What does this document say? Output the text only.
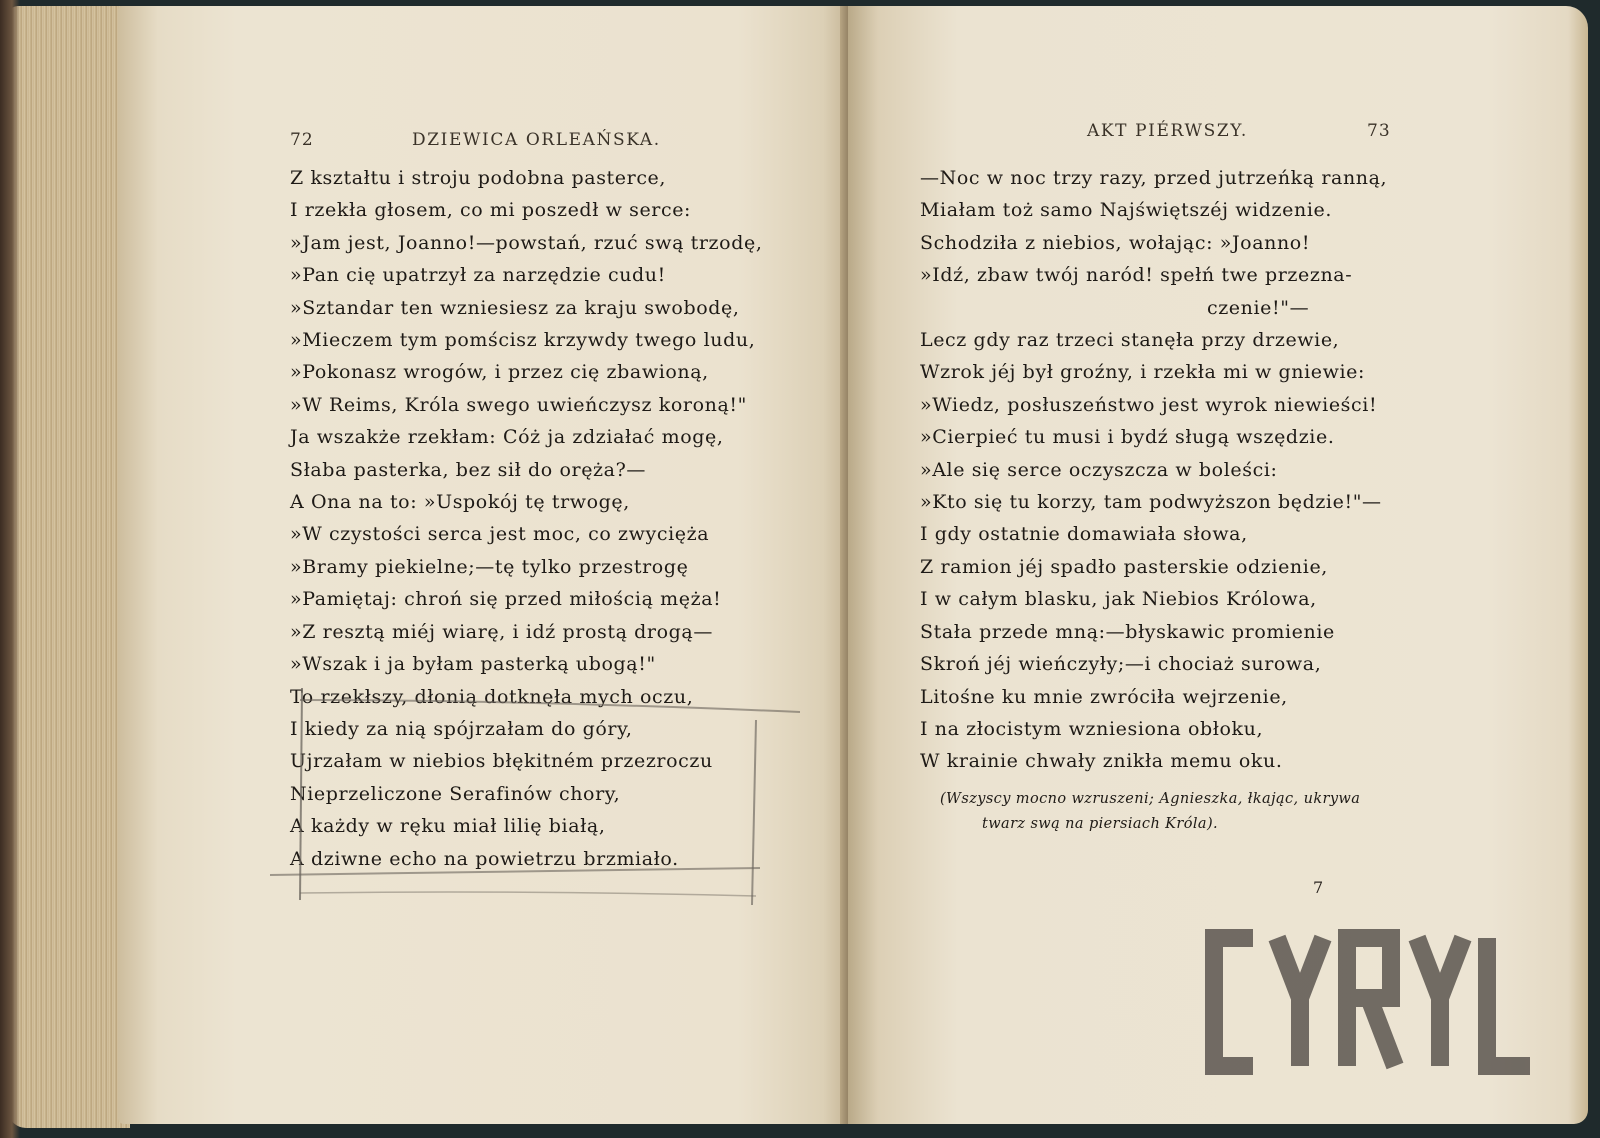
72	DZIEWICA ORLEAŃSKA.
Z kształtu i stroju podobna pasterce,
I rzekła głosem, co mi poszedł w serce:
»Jam jest, Joanno!—powstań, rzuć swą trzodę,
»Pan cię upatrzył za narzędzie cudu!
»Sztandar ten wzniesiesz za kraju swobodę,
»Mieczem tym pomścisz krzywdy twego ludu,
»Pokonasz wrogów, i przez cię zbawioną,
»W Reims, Króla swego uwieńczysz koroną!"
Ja wszakże rzekłam: Cóż ja zdziałać mogę,
Słaba pasterka, bez sił do oręża?—
A Ona na to: »Uspokój tę trwogę,
»W czystości serca jest moc, co zwycięża
»Bramy piekielne;—tę tylko przestrogę
»Pamiętaj: chroń się przed miłością męża!
»Z resztą miéj wiarę, i idź prostą drogą—
»Wszak i ja byłam pasterką ubogą!"
To rzekłszy, dłonią dotknęła mych oczu,
I kiedy za nią spójrzałam do góry,
Ujrzałam w niebios błękitném przezroczu
Nieprzeliczone Serafinów chory,
A każdy w ręku miał lilię białą,
A dziwne echo na powietrzu brzmiało.
AKT PIÉRWSZY.	73
—Noc w noc trzy razy, przed jutrzeńką ranną,
Miałam toż samo Najświętszéj widzenie.
Schodziła z niebios, wołając: »Joanno!
»Idź, zbaw twój naród! spełń twe przezna-
czenie!"—
Lecz gdy raz trzeci stanęła przy drzewie,
Wzrok jéj był groźny, i rzekła mi w gniewie:
»Wiedz, posłuszeństwo jest wyrok niewieści!
»Cierpieć tu musi i bydź sługą wszędzie.
»Ale się serce oczyszcza w boleści:
»Kto się tu korzy, tam podwyższon będzie!"—
I gdy ostatnie domawiała słowa,
Z ramion jéj spadło pasterskie odzienie,
I w całym blasku, jak Niebios Królowa,
Stała przede mną:—błyskawic promienie
Skroń jéj wieńczyły;—i chociaż surowa,
Litośne ku mnie zwróciła wejrzenie,
I na złocistym wzniesiona obłoku,
W krainie chwały znikła memu oku.
(Wszyscy mocno wzruszeni; Agnieszka, łkając, ukrywa
twarz swą na piersiach Króla).
7
